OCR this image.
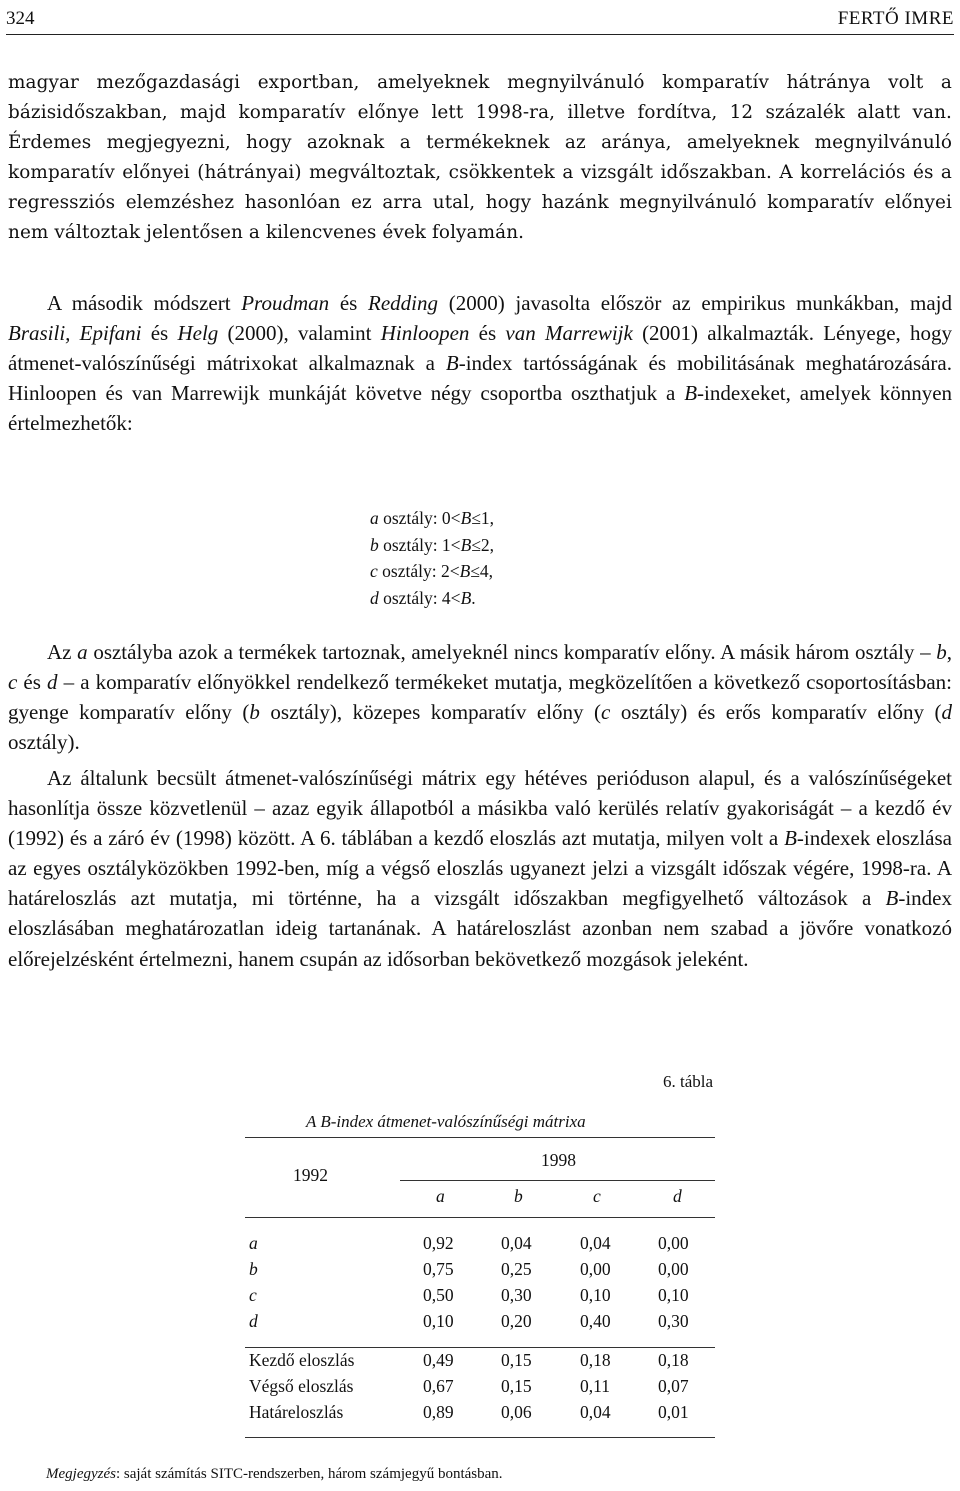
324	FERTŐ IMRE

magyar mezőgazdasági exportban, amelyeknek megnyilvánuló komparatív hátránya volt a bázisidőszakban, majd komparatív előnye lett 1998-ra, illetve fordítva, 12 százalék alatt van. Érdemes megjegyezni, hogy azoknak a termékeknek az aránya, amelyeknek megnyilvánuló komparatív előnyei (hátrányai) megváltoztak, csökkentek a vizsgált időszakban. A korrelációs és a regressziós elemzéshez hasonlóan ez arra utal, hogy hazánk megnyilvánuló komparatív előnyei nem változtak jelentősen a kilencvenes évek folyamán.

A második módszert Proudman és Redding (2000) javasolta először az empirikus munkákban, majd Brasili, Epifani és Helg (2000), valamint Hinloopen és van Marrewijk (2001) alkalmazták. Lényege, hogy átmenet-valószínűségi mátrixokat alkalmaznak a B-index tartósságának és mobilitásának meghatározására. Hinloopen és van Marrewijk munkáját követve négy csoportba oszthatjuk a B-indexeket, amelyek könnyen értelmezhetők:

a osztály: 0<B≤1,
b osztály: 1<B≤2,
c osztály: 2<B≤4,
d osztály: 4<B.

Az a osztályba azok a termékek tartoznak, amelyeknél nincs komparatív előny. A másik három osztály – b, c és d – a komparatív előnyökkel rendelkező termékeket mutatja, megközelítően a következő csoportosításban: gyenge komparatív előny (b osztály), közepes komparatív előny (c osztály) és erős komparatív előny (d osztály).

Az általunk becsült átmenet-valószínűségi mátrix egy hétéves perióduson alapul, és a valószínűségeket hasonlítja össze közvetlenül – azaz egyik állapotból a másikba való kerülés relatív gyakoriságát – a kezdő év (1992) és a záró év (1998) között. A 6. táblában a kezdő eloszlás azt mutatja, milyen volt a B-indexek eloszlása az egyes osztályközökben 1992-ben, míg a végső eloszlás ugyanezt jelzi a vizsgált időszak végére, 1998-ra. A határeloszlás azt mutatja, mi történne, ha a vizsgált időszakban megfigyelhető változások a B-index eloszlásában meghatározatlan ideig tartanának. A határeloszlást azonban nem szabad a jövőre vonatkozó előrejelzésként értelmezni, hanem csupán az idősorban bekövetkező mozgások jeleként.

6. tábla
A B-index átmenet-valószínűségi mátrixa
1992
1998
a	b	c	d
a	0,92	0,04	0,04	0,00
b	0,75	0,25	0,00	0,00
c	0,50	0,30	0,10	0,10
d	0,10	0,20	0,40	0,30
Kezdő eloszlás	0,49	0,15	0,18	0,18
Végső eloszlás	0,67	0,15	0,11	0,07
Határeloszlás	0,89	0,06	0,04	0,01
Megjegyzés: saját számítás SITC-rendszerben, három számjegyű bontásban.
